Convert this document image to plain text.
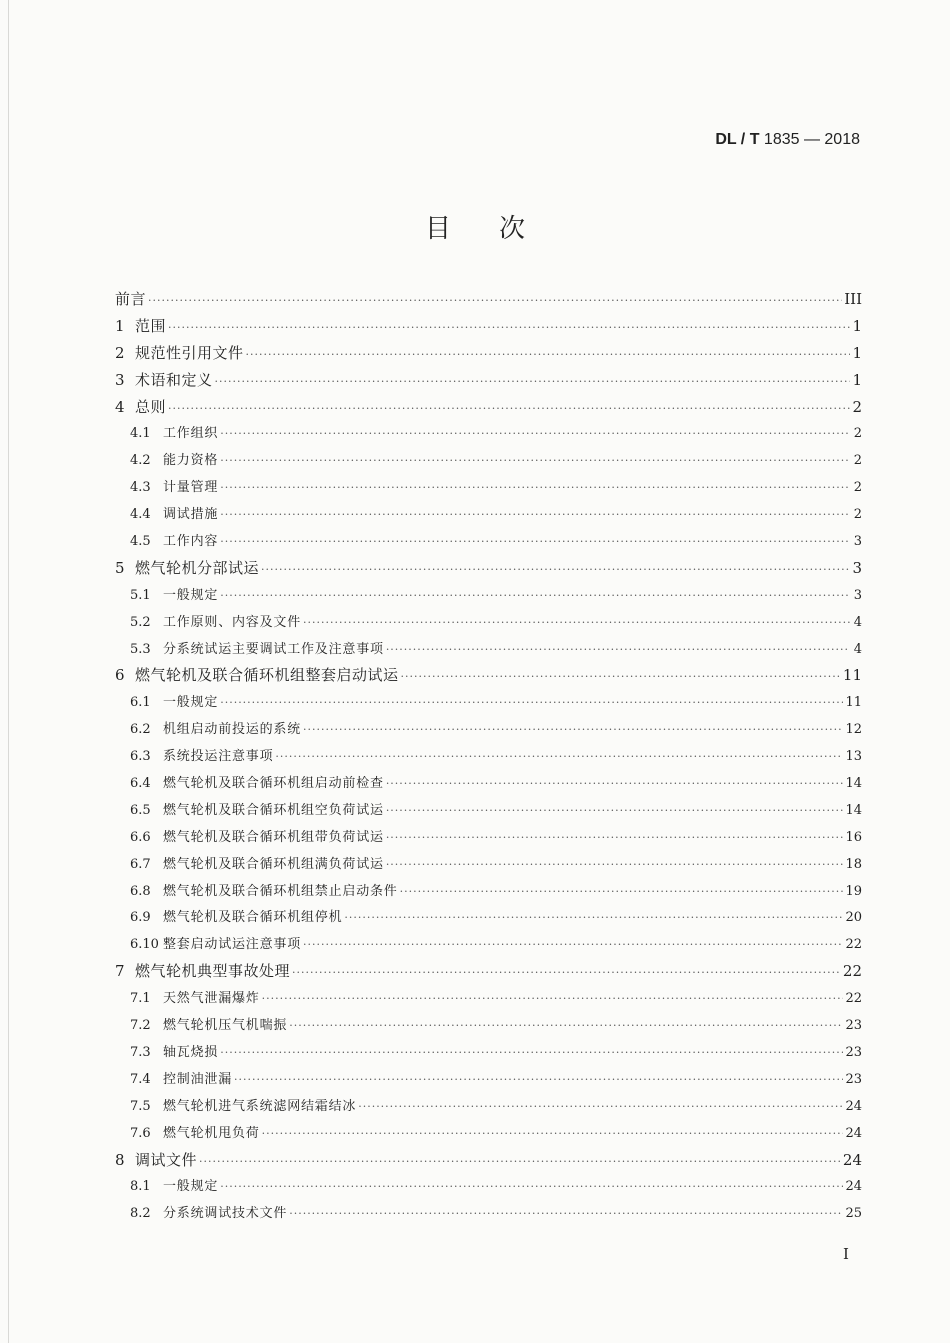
DL / T 1835 — 2018
目次
前言 ·····	III
1 范围 ·····	1
2 规范性引用文件 ·····	1
3 术语和定义 ·····	1
4 总则 ·····	2
4.1 工作组织 ·····	2
4.2 能力资格 ·····	2
4.3 计量管理 ·····	2
4.4 调试措施 ·····	2
4.5 工作内容 ·····	3
5 燃气轮机分部试运 ·····	3
5.1 一般规定 ·····	3
5.2 工作原则、内容及文件 ·····	4
5.3 分系统试运主要调试工作及注意事项 ·····	4
6 燃气轮机及联合循环机组整套启动试运 ·····	11
6.1 一般规定 ·····	11
6.2 机组启动前投运的系统 ·····	12
6.3 系统投运注意事项 ·····	13
6.4 燃气轮机及联合循环机组启动前检查 ·····	14
6.5 燃气轮机及联合循环机组空负荷试运 ·····	14
6.6 燃气轮机及联合循环机组带负荷试运 ·····	16
6.7 燃气轮机及联合循环机组满负荷试运 ·····	18
6.8 燃气轮机及联合循环机组禁止启动条件 ·····	19
6.9 燃气轮机及联合循环机组停机 ·····	20
6.10 整套启动试运注意事项 ·····	22
7 燃气轮机典型事故处理 ·····	22
7.1 天然气泄漏爆炸 ·····	22
7.2 燃气轮机压气机喘振 ·····	23
7.3 轴瓦烧损 ·····	23
7.4 控制油泄漏 ·····	23
7.5 燃气轮机进气系统滤网结霜结冰 ·····	24
7.6 燃气轮机甩负荷 ·····	24
8 调试文件 ·····	24
8.1 一般规定 ·····	24
8.2 分系统调试技术文件 ·····	25
I
